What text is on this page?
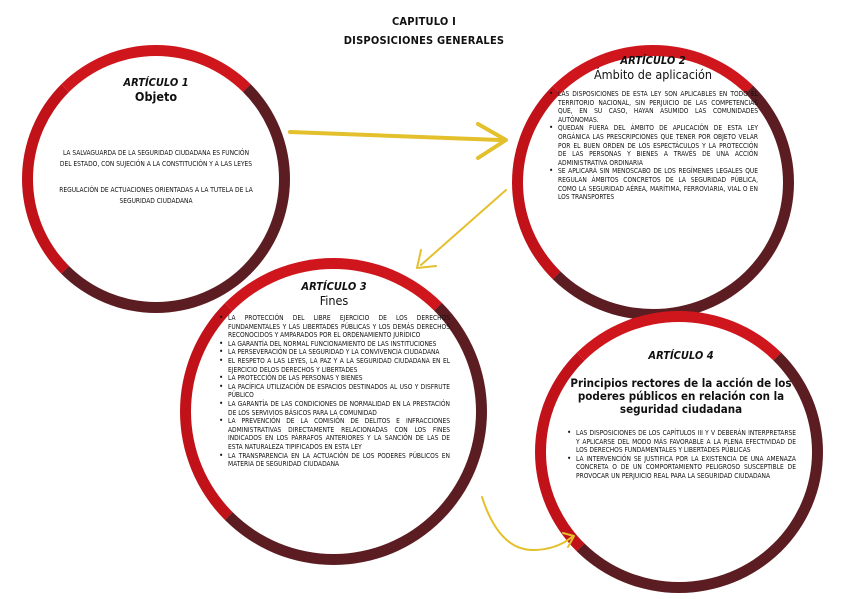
CAPITULO I
DISPOSICIONES GENERALES
ARTÍCULO 1
Objeto

LA SALVAGUARDA DE LA SEGURIDAD CIUDADANA ES FUNCIÓN DEL ESTADO, CON SUJECIÓN A LA CONSTITUCIÓN Y A LAS LEYES

REGULACIÓN DE ACTUACIONES ORIENTADAS A LA TUTELA DE LA SEGURIDAD CIUDADANA

ARTÍCULO 2
Ámbito de aplicación
• LAS DISPOSICIONES DE ESTA LEY SON APLICABLES EN TODO EL TERRITORIO NACIONAL, SIN PERJUICIO DE LAS COMPETENCIAS QUE, EN SU CASO, HAYAN ASUMIDO LAS COMUNIDADES AUTÓNOMAS.
• QUEDAN FUERA DEL ÁMBITO DE APLICACIÓN DE ESTA LEY ORGÁNICA LAS PRESCRIPCIONES QUE TENER POR OBJETO VELAR POR EL BUEN ORDEN DE LOS ESPECTÁCULOS Y LA PROTECCIÓN DE LAS PERSONAS Y BIENES A TRAVÉS DE UNA ACCIÓN ADMINISTRATIVA ORDINARIA
• SE APLICARÁ SIN MENOSCABO DE LOS REGÍMENES LEGALES QUE REGULAN ÁMBITOS CONCRETOS DE LA SEGURIDAD PÚBLICA, COMO LA SEGURIDAD AÉREA, MARÍTIMA, FERROVIARIA, VIAL O EN LOS TRANSPORTES
ARTÍCULO 3
Fines
• LA PROTECCIÓN DEL LIBRE EJERCICIO DE LOS DERECHOS FUNDAMENTALES Y LAS LIBERTADES PÚBLICAS Y LOS DEMÁS DERECHOS RECONOCIDOS Y AMPARADOS POR EL ORDENAMIENTO JURÍDICO
• LA GARANTÍA DEL NORMAL FUNCIONAMIENTO DE LAS INSTITUCIONES
• LA PERSEVERACIÓN DE LA SEGURIDAD Y LA CONVIVENCIA CIUDADANA
• EL RESPETO A LAS LEYES, LA PAZ Y A LA SEGURIDAD CIUDADANA EN EL EJERCICIO DELOS DERECHOS Y LIBERTADES
• LA PROTECCIÓN DE LAS PERSONAS Y BIENES
• LA PACÍFICA UTILIZACIÓN DE ESPACIOS DESTINADOS AL USO Y DISFRUTE PÚBLICO
• LA GARANTÍA DE LAS CONDICIONES DE NORMALIDAD EN LA PRESTACIÓN DE LOS SERVIVIOS BÁSICOS PARA LA COMUNIDAD
• LA PREVENCIÓN DE LA COMISIÓN DE DELITOS E INFRACCIONES ADMINISTRATIVAS DIRECTAMENTE RELACIONADAS CON LOS FINES INDICADOS EN LOS PÁRRAFOS ANTERIORES Y LA SANCIÓN DE LAS DE ESTA NATURALEZA TIPIFICADOS EN ESTA LEY
• LA TRANSPARENCIA EN LA ACTUACIÓN DE LOS PODERES PÚBLICOS EN MATERIA DE SEGURIDAD CIUDADANA
ARTÍCULO 4
Principios rectores de la acción de los poderes públicos en relación con la seguridad ciudadana
• LAS DISPOSICIONES DE LOS CAPÍTULOS III Y V DEBERÁN INTERPRETARSE Y APLICARSE DEL MODO MÁS FAVORABLE A LA PLENA EFECTIVIDAD DE LOS DERECHOS FUNDAMENTALES Y LIBERTADES PÚBLICAS
• LA INTERVENCIÓN SE JUSTIFICA POR LA EXISTENCIA DE UNA AMENAZA CONCRETA O DE UN COMPORTAMIENTO PELIGROSO SUSCEPTIBLE DE PROVOCAR UN PERJUICIO REAL PARA LA SEGURIDAD CIUDADANA
